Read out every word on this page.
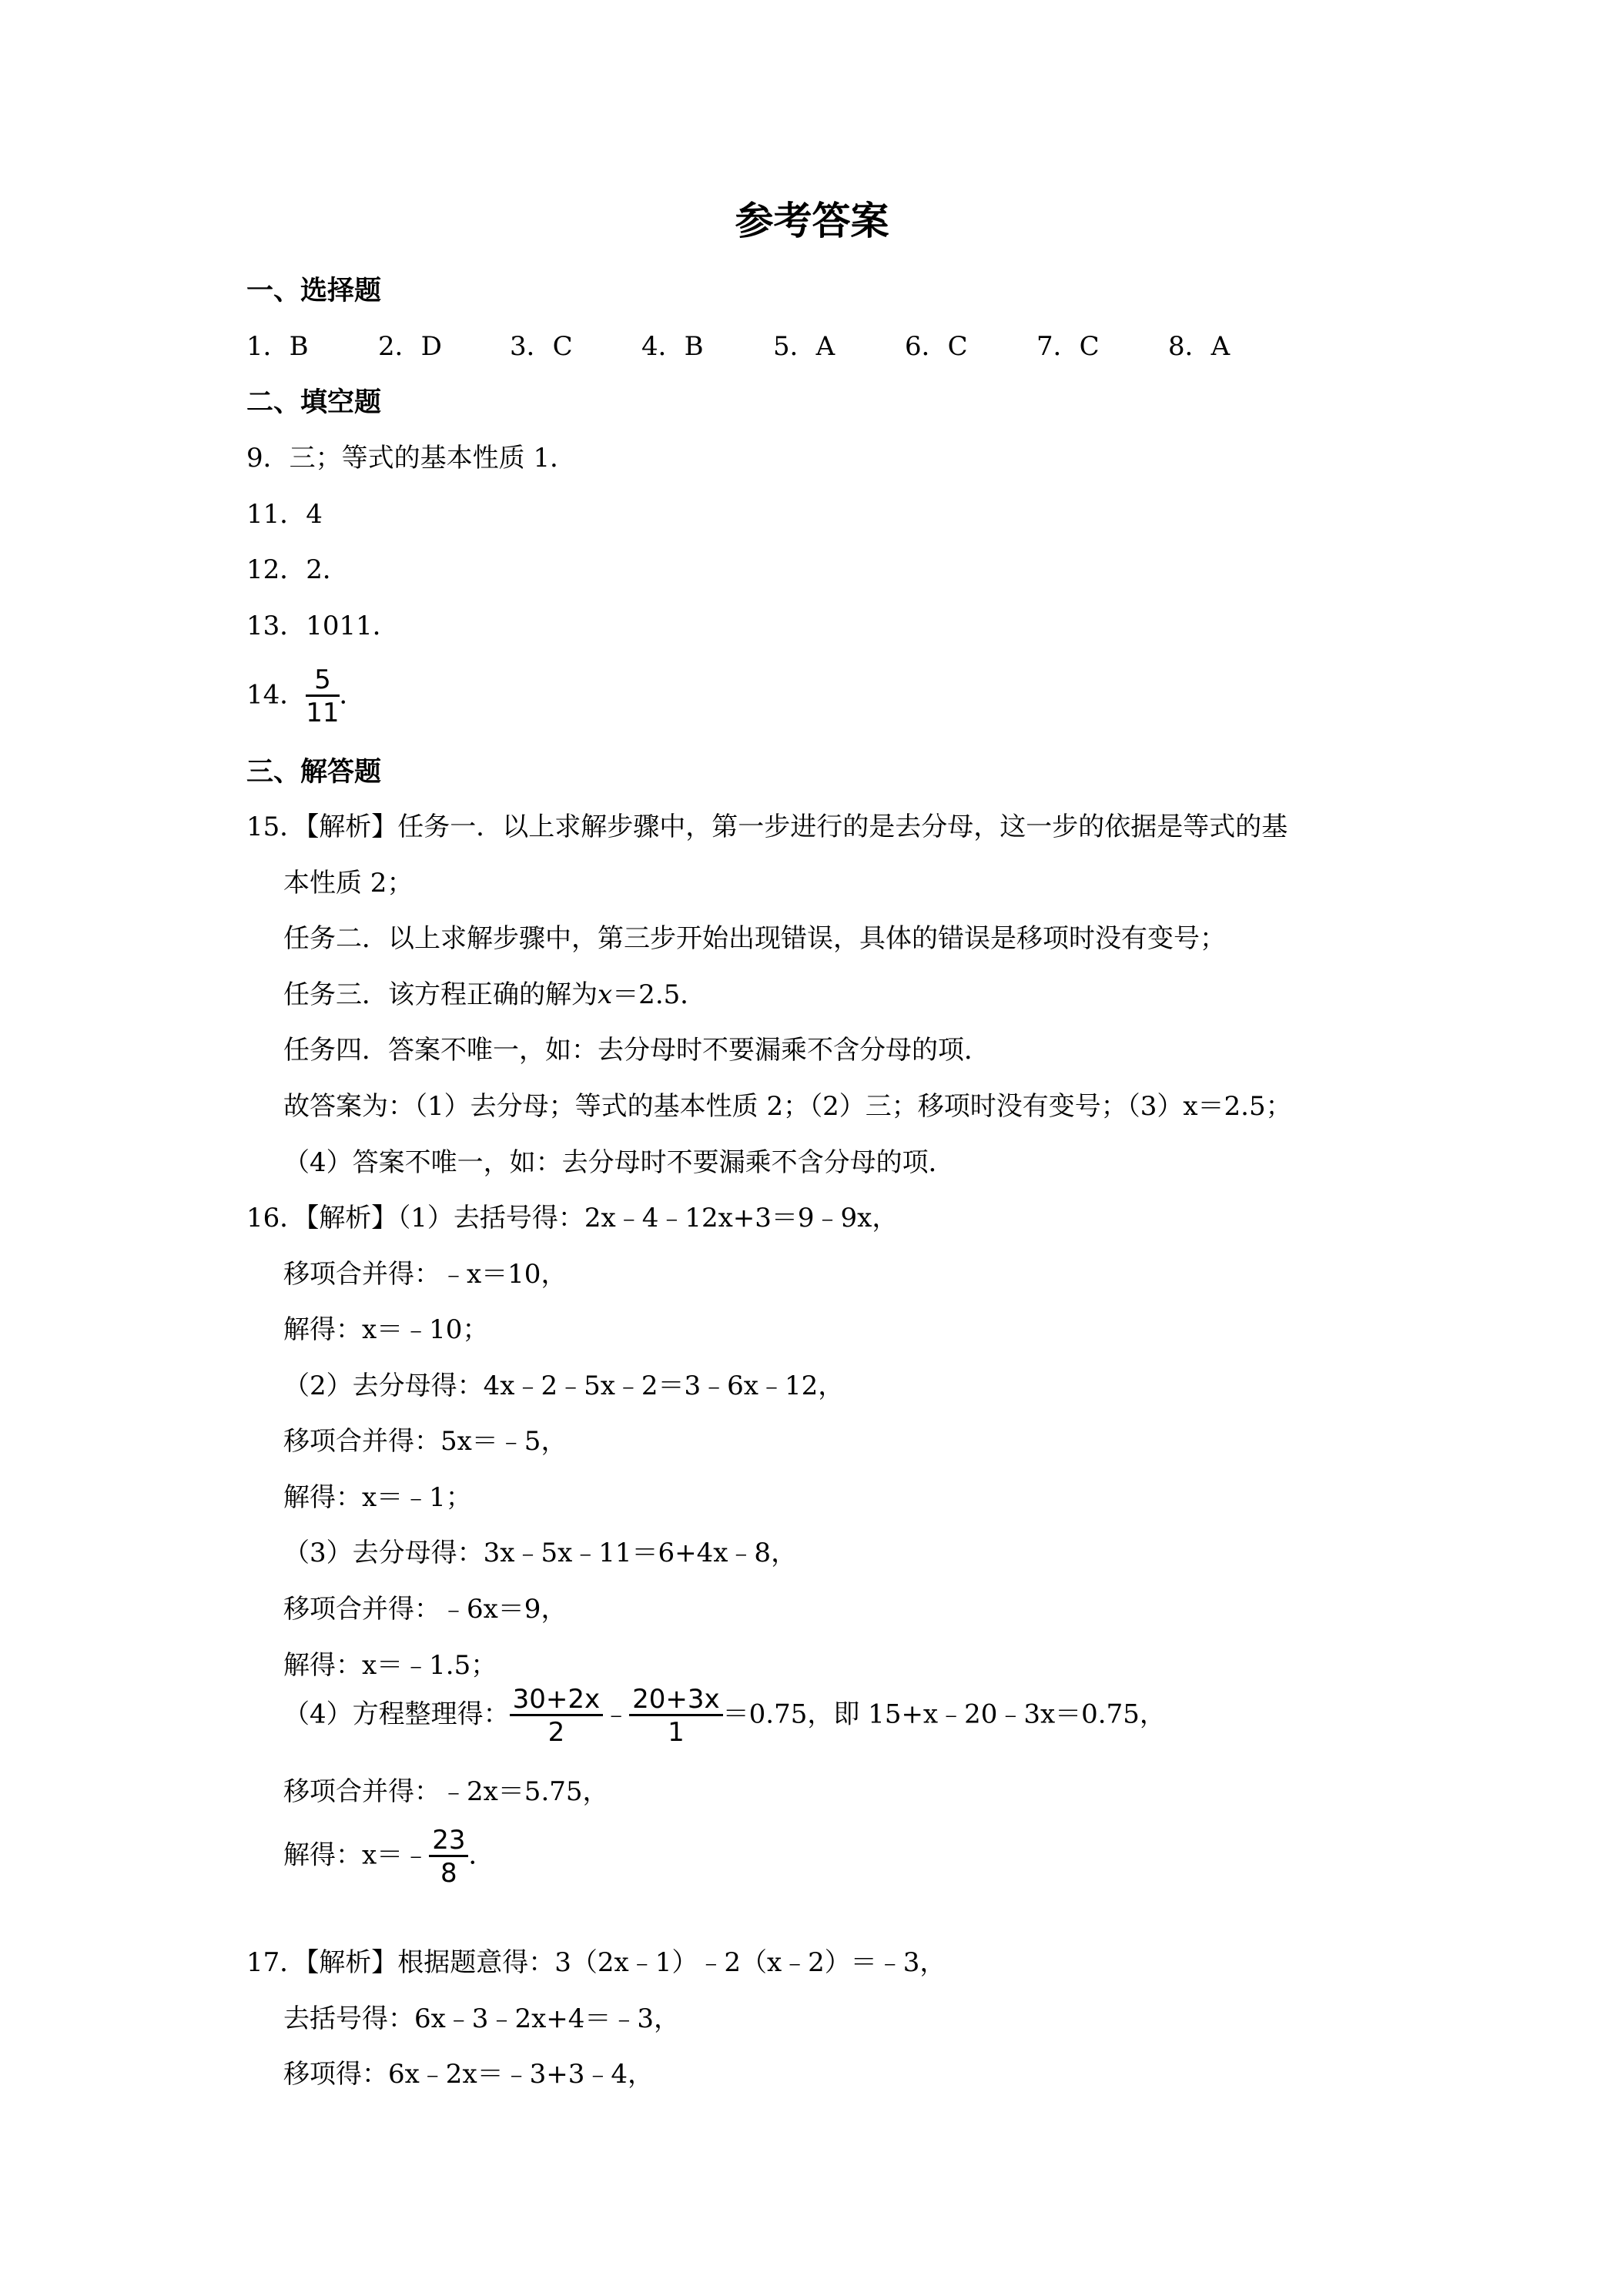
参考答案
一、选择题
1．B	2．D	3．C	4．B	5．A	6．C	7．C	8．A
二、填空题
9．三；等式的基本性质 1．
11．4
12．2．
13．1011．
14． $\frac{5}{11}$ ．
三、解答题
15．【解析】任务一．以上求解步骤中，第一步进行的是去分母，这一步的依据是等式的基
本性质 2；
任务二．以上求解步骤中，第三步开始出现错误，具体的错误是移项时没有变号；
任务三．该方程正确的解为x＝2.5．
任务四．答案不唯一，如：去分母时不要漏乘不含分母的项．
故答案为：（1）去分母；等式的基本性质 2；（2）三；移项时没有变号；（3）x＝2.5；
（4）答案不唯一，如：去分母时不要漏乘不含分母的项．
16．【解析】（1）去括号得：2x﹣4﹣12x+3＝9﹣9x，
移项合并得：﹣x＝10，
解得：x＝﹣10；
（2）去分母得：4x﹣2﹣5x﹣2＝3﹣6x﹣12，
移项合并得：5x＝﹣5，
解得：x＝﹣1；
（3）去分母得：3x﹣5x﹣11＝6+4x﹣8，
移项合并得：﹣6x＝9，
解得：x＝﹣1.5；
（4）方程整理得： $\frac{30+2x}{2}$ ﹣ $\frac{20+3x}{1} =0.75$，即 15+x﹣20﹣3x＝0.75，
移项合并得：﹣2x＝5.75，
解得：x＝﹣ $\frac{23}{8}$ ．
17．【解析】根据题意得：3（2x﹣1）﹣2（x﹣2）＝﹣3，
去括号得：6x﹣3﹣2x+4＝﹣3，
移项得：6x﹣2x＝﹣3+3﹣4，
